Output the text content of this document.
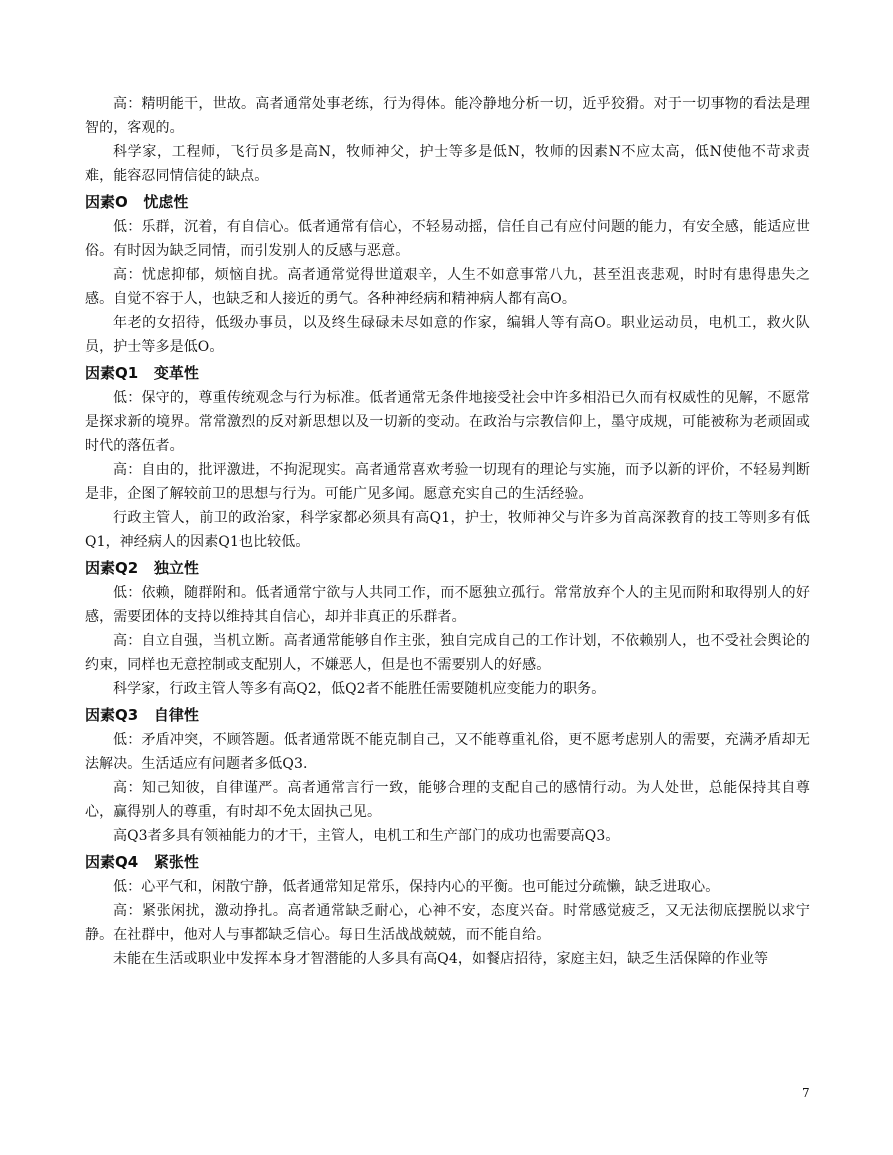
高：精明能干，世故。高者通常处事老练，行为得体。能冷静地分析一切，近乎狡猾。对于一切事物的看法是理智的，客观的。

科学家，工程师，飞行员多是高N，牧师神父，护士等多是低N，牧师的因素N不应太高，低N使他不苛求责难，能容忍同情信徒的缺点。

因素O   忧虑性

低：乐群，沉着，有自信心。低者通常有信心，不轻易动摇，信任自己有应付问题的能力，有安全感，能适应世俗。有时因为缺乏同情，而引发别人的反感与恶意。

高：忧虑抑郁，烦恼自扰。高者通常觉得世道艰辛，人生不如意事常八九，甚至沮丧悲观，时时有患得患失之感。自觉不容于人，也缺乏和人接近的勇气。各种神经病和精神病人都有高O。

年老的女招待，低级办事员，以及终生碌碌未尽如意的作家，编辑人等有高O。职业运动员，电机工，救火队员，护士等多是低O。

因素Q1   变革性

低：保守的，尊重传统观念与行为标准。低者通常无条件地接受社会中许多相沿已久而有权威性的见解，不愿常是探求新的境界。常常激烈的反对新思想以及一切新的变动。在政治与宗教信仰上，墨守成规，可能被称为老顽固或时代的落伍者。

高：自由的，批评激进，不拘泥现实。高者通常喜欢考验一切现有的理论与实施，而予以新的评价，不轻易判断是非，企图了解较前卫的思想与行为。可能广见多闻。愿意充实自己的生活经验。

行政主管人，前卫的政治家，科学家都必须具有高Q1，护士，牧师神父与许多为首高深教育的技工等则多有低Q1，神经病人的因素Q1也比较低。

因素Q2   独立性

低：依赖，随群附和。低者通常宁欲与人共同工作，而不愿独立孤行。常常放弃个人的主见而附和取得别人的好感，需要团体的支持以维持其自信心，却并非真正的乐群者。

高：自立自强，当机立断。高者通常能够自作主张，独自完成自己的工作计划，不依赖别人，也不受社会舆论的约束，同样也无意控制或支配别人，不嫌恶人，但是也不需要别人的好感。

科学家，行政主管人等多有高Q2，低Q2者不能胜任需要随机应变能力的职务。

因素Q3   自律性

低：矛盾冲突，不顾答题。低者通常既不能克制自己，又不能尊重礼俗，更不愿考虑别人的需要，充满矛盾却无法解决。生活适应有问题者多低Q3.

高：知己知彼，自律谨严。高者通常言行一致，能够合理的支配自己的感情行动。为人处世，总能保持其自尊心，赢得别人的尊重，有时却不免太固执己见。

高Q3者多具有领袖能力的才干，主管人，电机工和生产部门的成功也需要高Q3。

因素Q4   紧张性

低：心平气和，闲散宁静，低者通常知足常乐，保持内心的平衡。也可能过分疏懒，缺乏进取心。

高：紧张闲扰，激动挣扎。高者通常缺乏耐心，心神不安，态度兴奋。时常感觉疲乏，又无法彻底摆脱以求宁静。在社群中，他对人与事都缺乏信心。每日生活战战兢兢，而不能自给。

未能在生活或职业中发挥本身才智潜能的人多具有高Q4，如餐店招待，家庭主妇，缺乏生活保障的作业等

7
